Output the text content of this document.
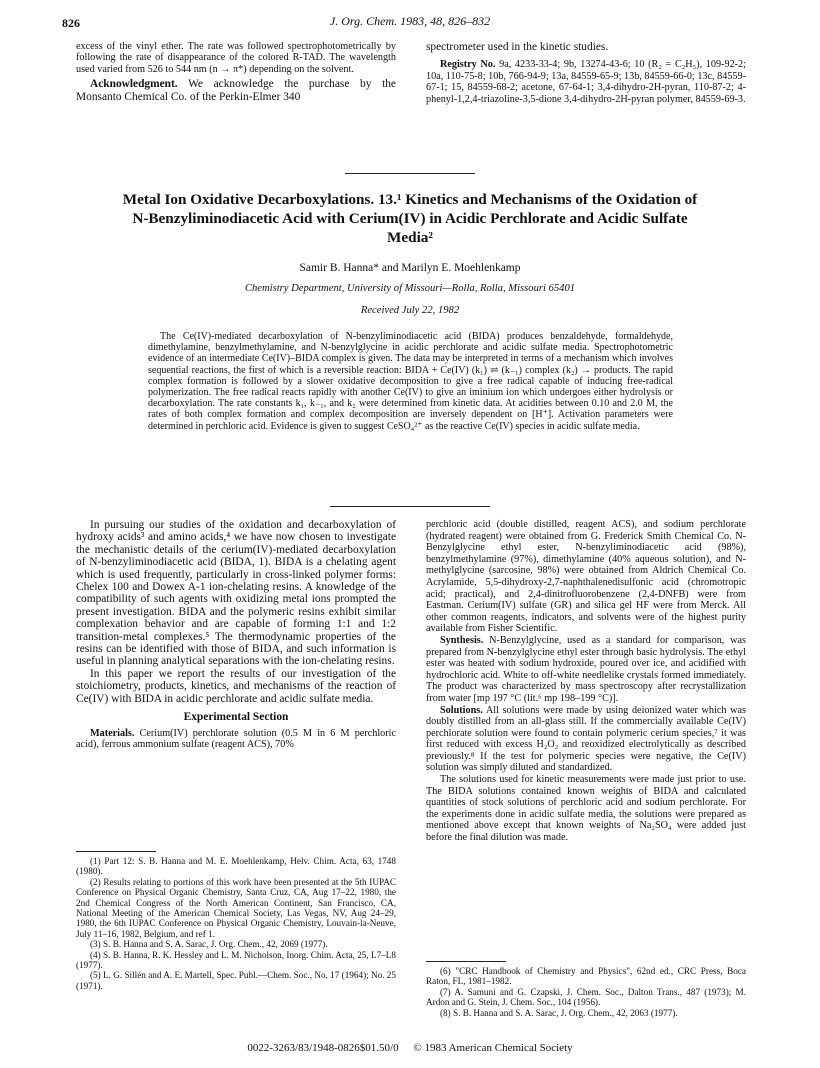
826	J. Org. Chem. 1983, 48, 826–832

excess of the vinyl ether. The rate was followed spectrophotometrically by following the rate of disappearance of the colored R-TAD. The wavelength used varied from 526 to 544 nm (n → π*) depending on the solvent.

Acknowledgment. We acknowledge the purchase by the Monsanto Chemical Co. of the Perkin-Elmer 340

spectrometer used in the kinetic studies.

Registry No. 9a, 4233-33-4; 9b, 13274-43-6; 10 (R₂ = C₂H₅), 109-92-2; 10a, 110-75-8; 10b, 766-94-9; 13a, 84559-65-9; 13b, 84559-66-0; 13c, 84559-67-1; 15, 84559-68-2; acetone, 67-64-1; 3,4-dihydro-2H-pyran, 110-87-2; 4-phenyl-1,2,4-triazoline-3,5-dione 3,4-dihydro-2H-pyran polymer, 84559-69-3.

Metal Ion Oxidative Decarboxylations. 13.¹ Kinetics and Mechanisms of the Oxidation of N-Benzyliminodiacetic Acid with Cerium(IV) in Acidic Perchlorate and Acidic Sulfate Media²
Samir B. Hanna* and Marilyn E. Moehlenkamp
Chemistry Department, University of Missouri—Rolla, Rolla, Missouri 65401
Received July 22, 1982
The Ce(IV)-mediated decarboxylation of N-benzyliminodiacetic acid (BIDA) produces benzaldehyde, formaldehyde, dimethylamine, benzylmethylamine, and N-benzylglycine in acidic perchlorate and acidic sulfate media. Spectrophotometric evidence of an intermediate Ce(IV)–BIDA complex is given. The data may be interpreted in terms of a mechanism which involves sequential reactions, the first of which is a reversible reaction: BIDA + Ce(IV) (k₁) ⇌ (k₋₁) complex (k₂) → products. The rapid complex formation is followed by a slower oxidative decomposition to give a free radical capable of inducing free-radical polymerization. The free radical reacts rapidly with another Ce(IV) to give an iminium ion which undergoes either hydrolysis or decarboxylation. The rate constants k₁, k₋₁, and k₂ were determined from kinetic data. At acidities between 0.10 and 2.0 M, the rates of both complex formation and complex decomposition are inversely dependent on [H⁺]. Activation parameters were determined in perchloric acid. Evidence is given to suggest CeSO₄²⁺ as the reactive Ce(IV) species in acidic sulfate media.

In pursuing our studies of the oxidation and decarboxylation of hydroxy acids³ and amino acids,⁴ we have now chosen to investigate the mechanistic details of the cerium(IV)-mediated decarboxylation of N-benzyliminodiacetic acid (BIDA, 1). BIDA is a chelating agent which is used frequently, particularly in cross-linked polymer forms: Chelex 100 and Dowex A-1 ion-chelating resins. A knowledge of the compatibility of such agents with oxidizing metal ions prompted the present investigation. BIDA and the polymeric resins exhibit similar complexation behavior and are capable of forming 1:1 and 1:2 transition-metal complexes.⁵ The thermodynamic properties of the resins can be identified with those of BIDA, and such information is useful in planning analytical separations with the ion-chelating resins.

In this paper we report the results of our investigation of the stoichiometry, products, kinetics, and mechanisms of the reaction of Ce(IV) with BIDA in acidic perchlorate and acidic sulfate media.

Experimental Section

Materials. Cerium(IV) perchlorate solution (0.5 M in 6 M perchloric acid), ferrous ammonium sulfate (reagent ACS), 70%

(1) Part 12: S. B. Hanna and M. E. Moehlenkamp, Helv. Chim. Acta, 63, 1748 (1980).

(2) Results relating to portions of this work have been presented at the 5th IUPAC Conference on Physical Organic Chemistry, Santa Cruz, CA, Aug 17–22, 1980, the 2nd Chemical Congress of the North American Continent, San Francisco, CA, National Meeting of the American Chemical Society, Las Vegas, NV, Aug 24–29, 1980, the 6th IUPAC Conference on Physical Organic Chemistry, Louvain-la-Neuve, July 11–16, 1982, Belgium, and ref 1.

(3) S. B. Hanna and S. A. Sarac, J. Org. Chem., 42, 2069 (1977).

(4) S. B. Hanna, R. K. Hessley and L. M. Nicholson, Inorg. Chim. Acta, 25, L7–L8 (1977).

(5) L. G. Sillén and A. E. Martell, Spec. Publ.—Chem. Soc., No. 17 (1964); No. 25 (1971).

perchloric acid (double distilled, reagent ACS), and sodium perchlorate (hydrated reagent) were obtained from G. Frederick Smith Chemical Co. N-Benzylglycine ethyl ester, N-benzyliminodiacetic acid (98%), benzylmethylamine (97%), dimethylamine (40% aqueous solution), and N-methylglycine (sarcosine, 98%) were obtained from Aldrich Chemical Co. Acrylamide, 5,5-dihydroxy-2,7-naphthalenedisulfonic acid (chromotropic acid; practical), and 2,4-dinitrofluorobenzene (2,4-DNFB) were from Eastman. Cerium(IV) sulfate (GR) and silica gel HF were from Merck. All other common reagents, indicators, and solvents were of the highest purity available from Fisher Scientific.

Synthesis. N-Benzylglycine, used as a standard for comparison, was prepared from N-benzylglycine ethyl ester through basic hydrolysis. The ethyl ester was heated with sodium hydroxide, poured over ice, and acidified with hydrochloric acid. White to off-white needlelike crystals formed immediately. The product was characterized by mass spectroscopy after recrystallization from water [mp 197 °C (lit.⁶ mp 198–199 °C)].

Solutions. All solutions were made by using deionized water which was doubly distilled from an all-glass still. If the commercially available Ce(IV) perchlorate solution were found to contain polymeric cerium species,⁷ it was first reduced with excess H₂O₂ and reoxidized electrolytically as described previously.⁸ If the test for polymeric species were negative, the Ce(IV) solution was simply diluted and standardized.

The solutions used for kinetic measurements were made just prior to use. The BIDA solutions contained known weights of BIDA and calculated quantities of stock solutions of perchloric acid and sodium perchlorate. For the experiments done in acidic sulfate media, the solutions were prepared as mentioned above except that known weights of Na₂SO₄ were added just before the final dilution was made.

(6) "CRC Handbook of Chemistry and Physics", 62nd ed., CRC Press, Boca Raton, FL, 1981–1982.

(7) A. Samuni and G. Czapski, J. Chem. Soc., Dalton Trans., 487 (1973); M. Ardon and G. Stein, J. Chem. Soc., 104 (1956).

(8) S. B. Hanna and S. A. Sarac, J. Org. Chem., 42, 2063 (1977).

0022-3263/83/1948-0826$01.50/0 © 1983 American Chemical Society
